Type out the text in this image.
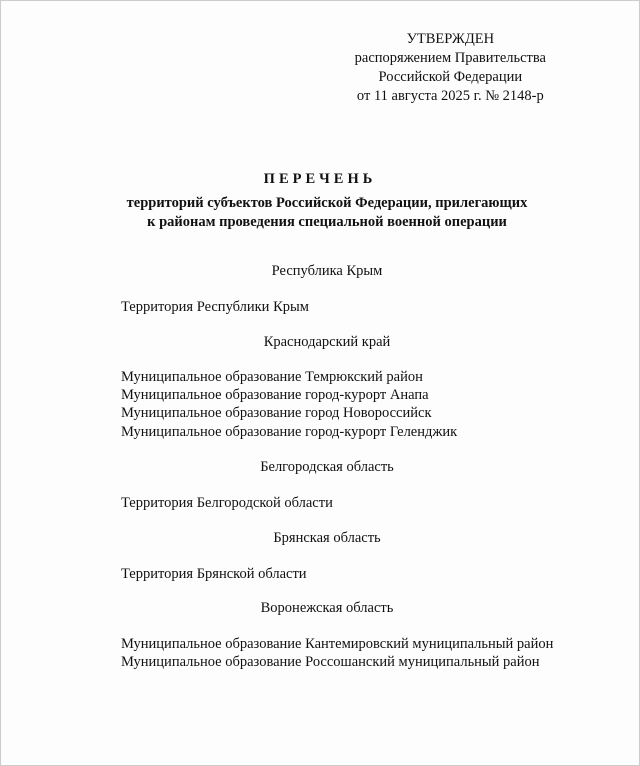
УТВЕРЖДЕН
распоряжением Правительства
Российской Федерации
от 11 августа 2025 г. № 2148-р
ПЕРЕЧЕНЬ
территорий субъектов Российской Федерации, прилегающих
к районам проведения специальной военной операции
Республика Крым
Территория Республики Крым
Краснодарский край
Муниципальное образование Темрюкский район
Муниципальное образование город-курорт Анапа
Муниципальное образование город Новороссийск
Муниципальное образование город-курорт Геленджик
Белгородская область
Территория Белгородской области
Брянская область
Территория Брянской области
Воронежская область
Муниципальное образование Кантемировский муниципальный район
Муниципальное образование Россошанский муниципальный район
